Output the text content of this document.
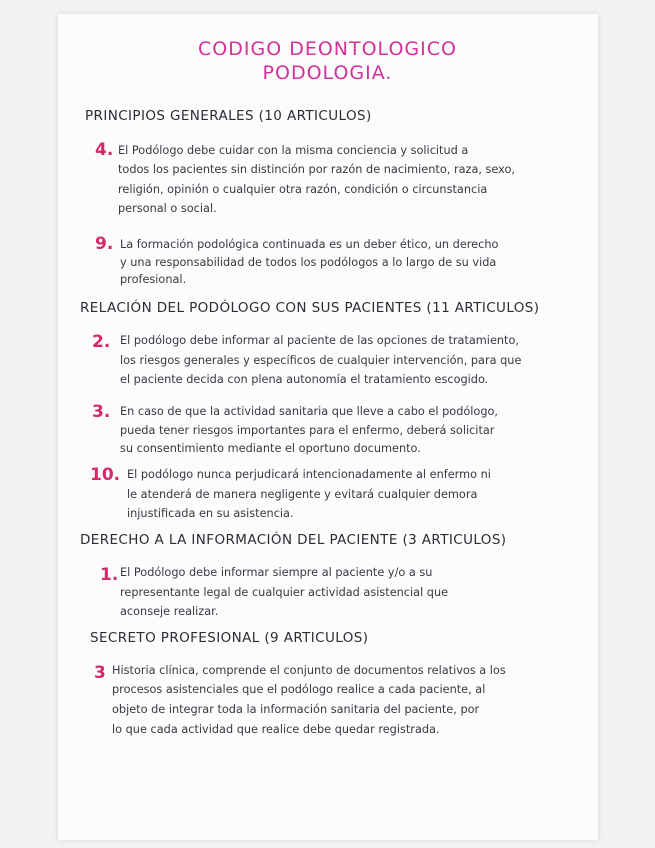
CODIGO DEONTOLOGICO
PODOLOGIA.
PRINCIPIOS GENERALES (10 ARTICULOS)
4. El Podólogo debe cuidar con la misma conciencia y solicitud a
todos los pacientes sin distinción por razón de nacimiento, raza, sexo,
religión, opinión o cualquier otra razón, condición o circunstancia
personal o social.
9. La formación podológica continuada es un deber ético, un derecho
y una responsabilidad de todos los podólogos a lo largo de su vida
profesional.
RELACIÓN DEL PODÓLOGO CON SUS PACIENTES (11 ARTICULOS)
2. El podólogo debe informar al paciente de las opciones de tratamiento,
los riesgos generales y específicos de cualquier intervención, para que
el paciente decida con plena autonomía el tratamiento escogido.
3. En caso de que la actividad sanitaria que lleve a cabo el podólogo,
pueda tener riesgos importantes para el enfermo, deberá solicitar
su consentimiento mediante el oportuno documento.
10. El podólogo nunca perjudicará intencionadamente al enfermo ni
le atenderá de manera negligente y evitará cualquier demora
injustificada en su asistencia.
DERECHO A LA INFORMACIÓN DEL PACIENTE (3 ARTICULOS)
1. El Podólogo debe informar siempre al paciente y/o a su
representante legal de cualquier actividad asistencial que
aconseje realizar.
SECRETO PROFESIONAL (9 ARTICULOS)
3 Historia clínica, comprende el conjunto de documentos relativos a los
procesos asistenciales que el podólogo realice a cada paciente, al
objeto de integrar toda la información sanitaria del paciente, por
lo que cada actividad que realice debe quedar registrada.
